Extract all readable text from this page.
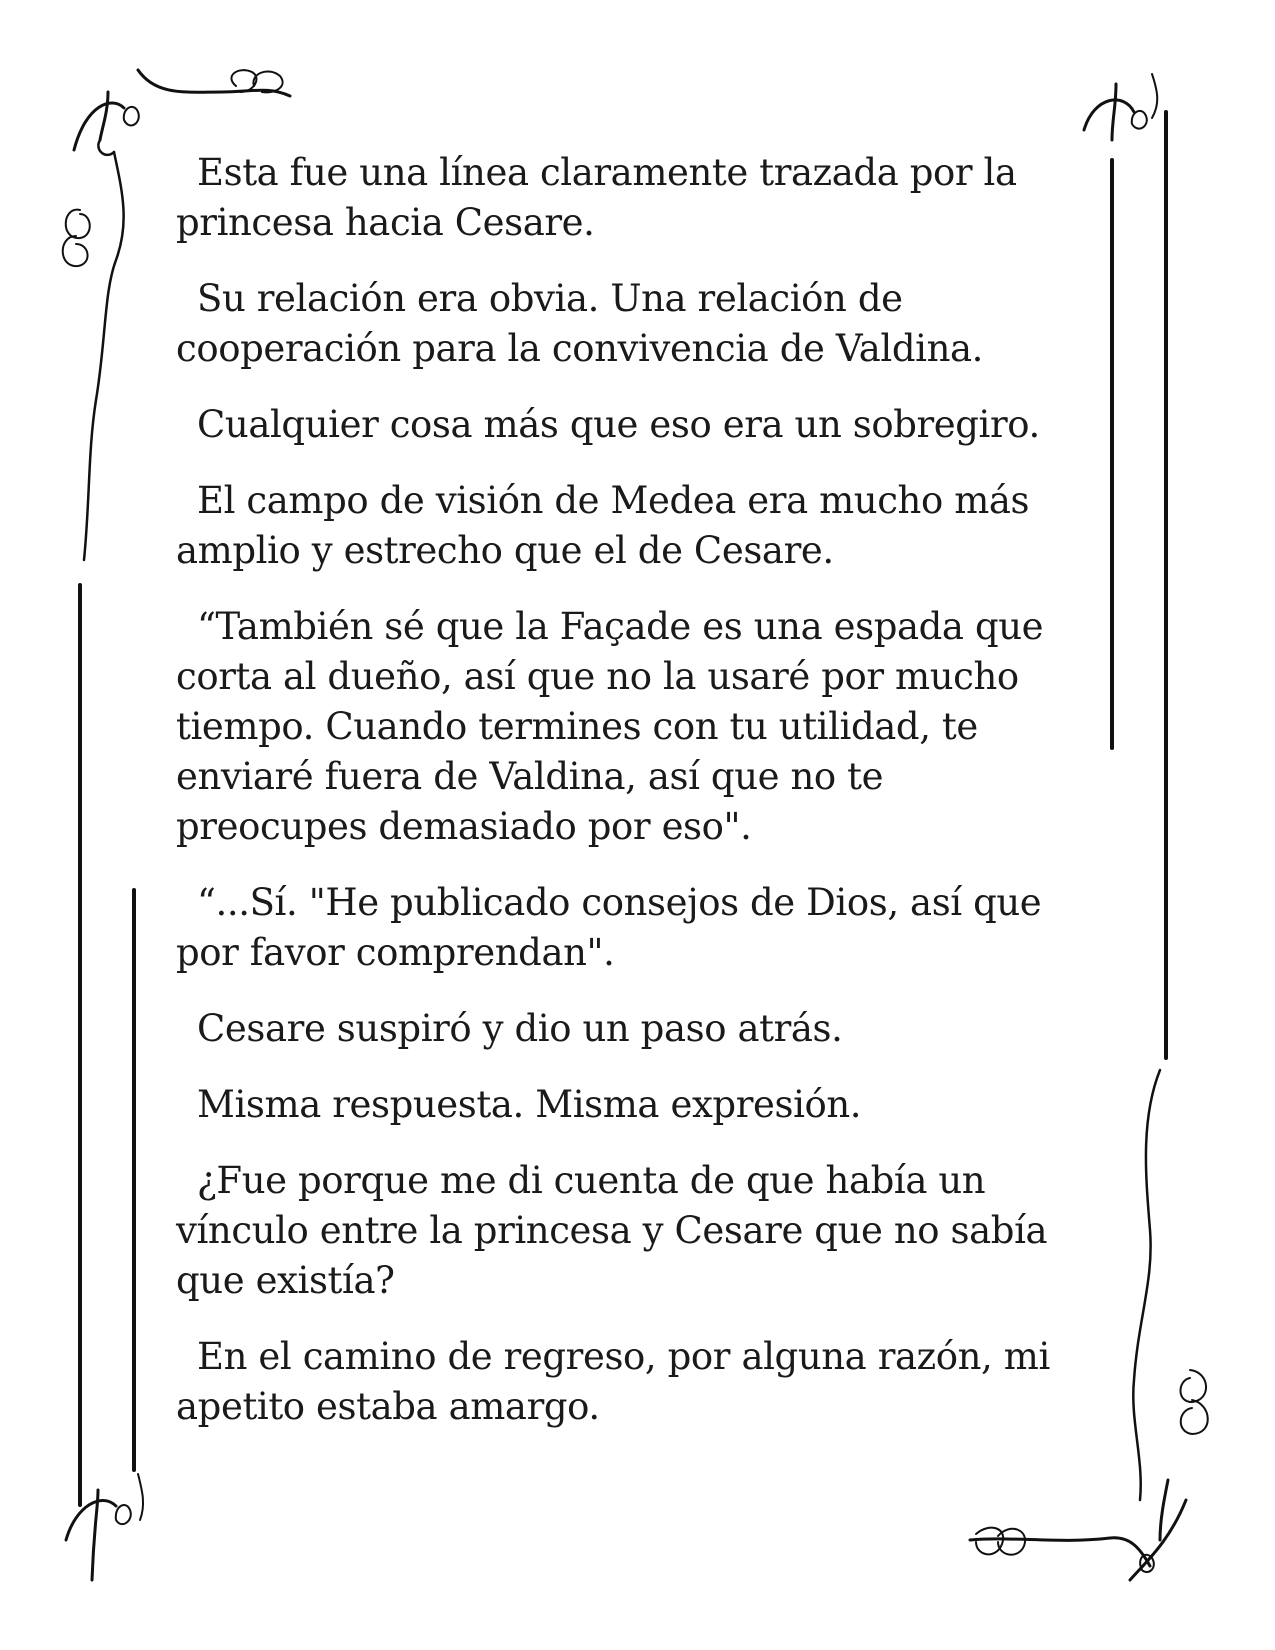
Esta fue una línea claramente trazada por la princesa hacia Cesare.

Su relación era obvia. Una relación de cooperación para la convivencia de Valdina.

Cualquier cosa más que eso era un sobregiro.

El campo de visión de Medea era mucho más amplio y estrecho que el de Cesare.

“También sé que la Façade es una espada que corta al dueño, así que no la usaré por mucho tiempo. Cuando termines con tu utilidad, te enviaré fuera de Valdina, así que no te preocupes demasiado por eso".

“...Sí. "He publicado consejos de Dios, así que por favor comprendan".

Cesare suspiró y dio un paso atrás.

Misma respuesta. Misma expresión.

¿Fue porque me di cuenta de que había un vínculo entre la princesa y Cesare que no sabía que existía?

En el camino de regreso, por alguna razón, mi apetito estaba amargo.
